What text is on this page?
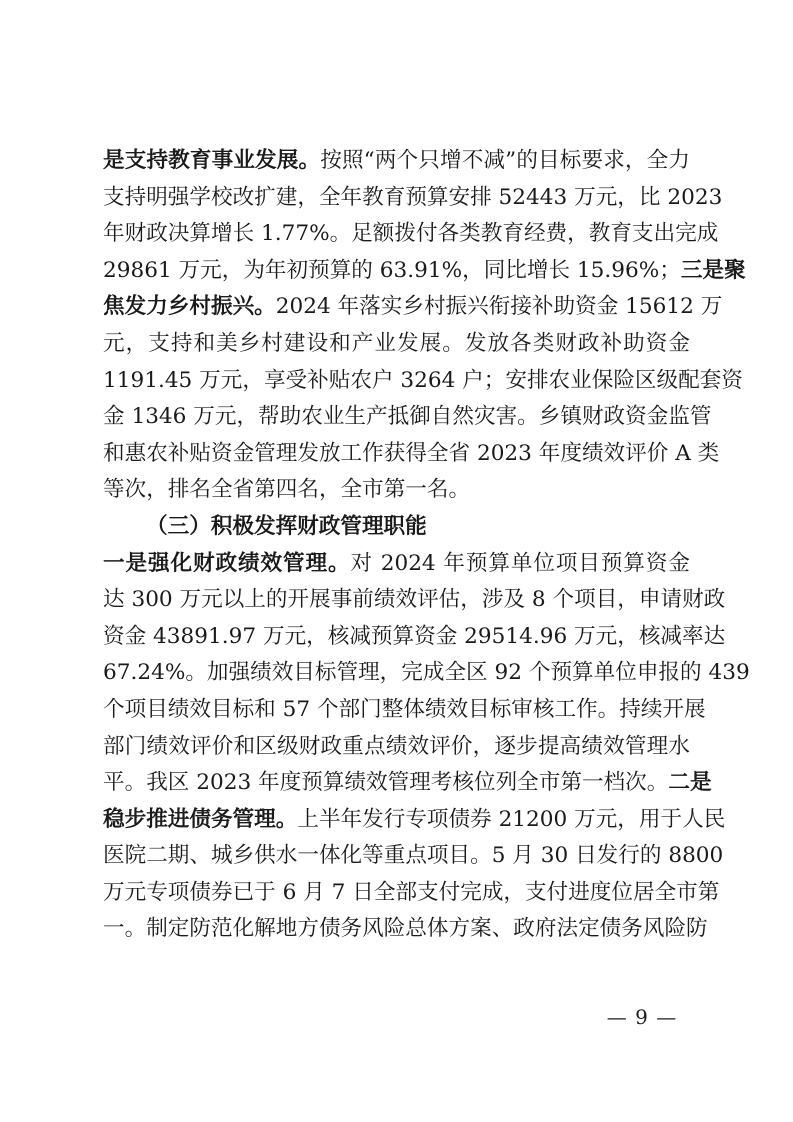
是支持教育事业发展。按照“两个只增不减”的目标要求，全力
支持明强学校改扩建，全年教育预算安排 52443 万元，比 2023
年财政决算增长 1.77%。足额拨付各类教育经费，教育支出完成
29861 万元，为年初预算的 63.91%，同比增长 15.96%；三是聚
焦发力乡村振兴。2024 年落实乡村振兴衔接补助资金 15612 万
元，支持和美乡村建设和产业发展。发放各类财政补助资金
1191.45 万元，享受补贴农户 3264 户；安排农业保险区级配套资
金 1346 万元，帮助农业生产抵御自然灾害。乡镇财政资金监管
和惠农补贴资金管理发放工作获得全省 2023 年度绩效评价 A 类
等次，排名全省第四名，全市第一名。
（三）积极发挥财政管理职能
一是强化财政绩效管理。对 2024 年预算单位项目预算资金
达 300 万元以上的开展事前绩效评估，涉及 8 个项目，申请财政
资金 43891.97 万元，核减预算资金 29514.96 万元，核减率达
67.24%。加强绩效目标管理，完成全区 92 个预算单位申报的 439
个项目绩效目标和 57 个部门整体绩效目标审核工作。持续开展
部门绩效评价和区级财政重点绩效评价，逐步提高绩效管理水
平。我区 2023 年度预算绩效管理考核位列全市第一档次。二是
稳步推进债务管理。上半年发行专项债券 21200 万元，用于人民
医院二期、城乡供水一体化等重点项目。5 月 30 日发行的 8800
万元专项债券已于 6 月 7 日全部支付完成，支付进度位居全市第
一。制定防范化解地方债务风险总体方案、政府法定债务风险防
— 9 —
